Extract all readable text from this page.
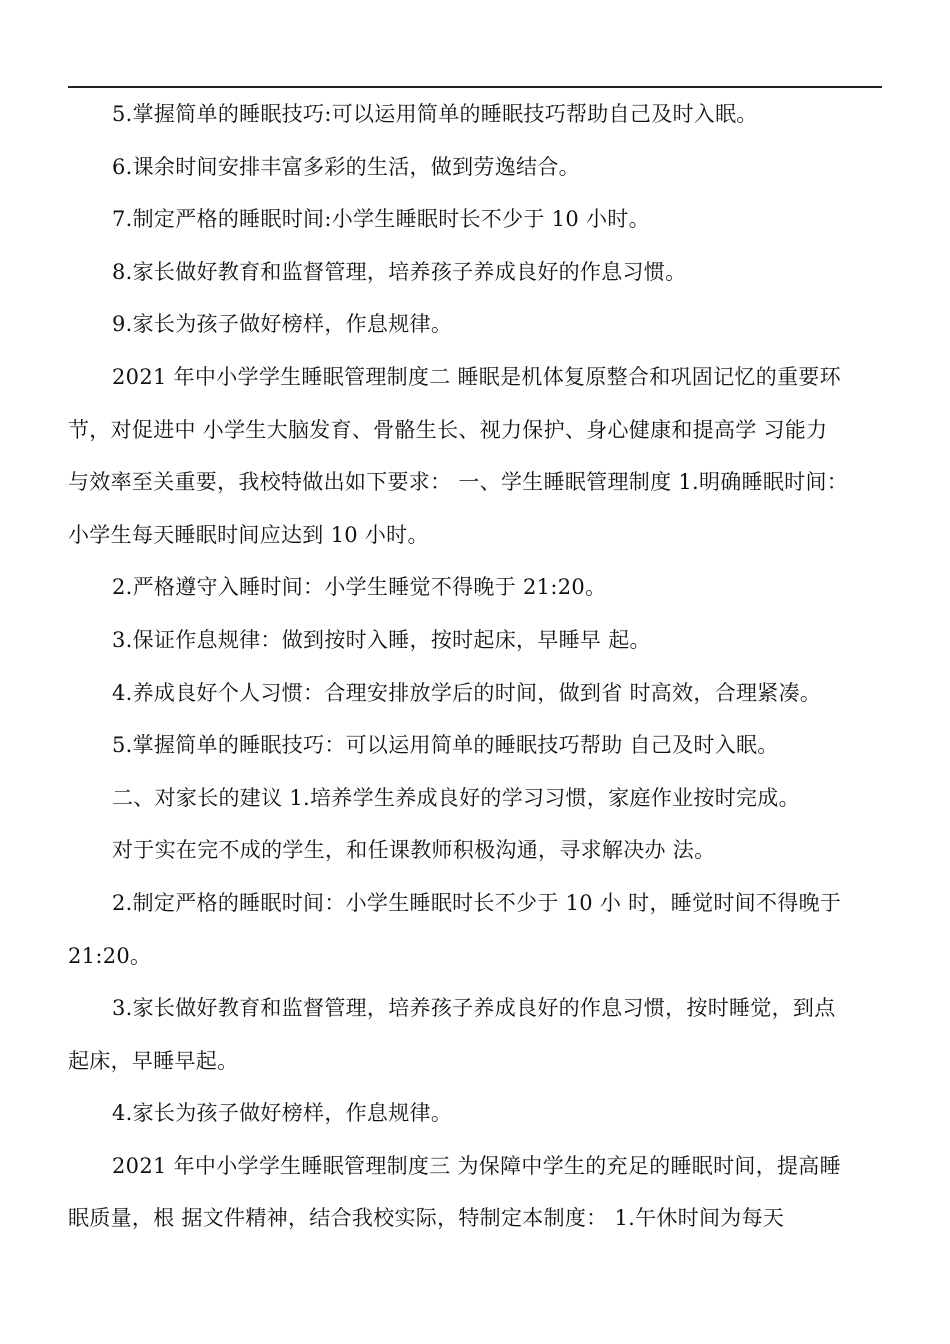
5.掌握简单的睡眠技巧:可以运用简单的睡眠技巧帮助自己及时入眠。
6.课余时间安排丰富多彩的生活，做到劳逸结合。
7.制定严格的睡眠时间:小学生睡眠时长不少于 10 小时。
8.家长做好教育和监督管理，培养孩子养成良好的作息习惯。
9.家长为孩子做好榜样，作息规律。
2021 年中小学学生睡眠管理制度二 睡眠是机体复原整合和巩固记忆的重要环
节，对促进中 小学生大脑发育、骨骼生长、视力保护、身心健康和提高学 习能力
与效率至关重要，我校特做出如下要求： 一、学生睡眠管理制度 1.明确睡眠时间：
小学生每天睡眠时间应达到 10 小时。
2.严格遵守入睡时间：小学生睡觉不得晚于 21:20。
3.保证作息规律：做到按时入睡，按时起床，早睡早 起。
4.养成良好个人习惯：合理安排放学后的时间，做到省 时高效，合理紧凑。
5.掌握简单的睡眠技巧：可以运用简单的睡眠技巧帮助 自己及时入眠。
二、对家长的建议 1.培养学生养成良好的学习习惯，家庭作业按时完成。
对于实在完不成的学生，和任课教师积极沟通，寻求解决办 法。
2.制定严格的睡眠时间：小学生睡眠时长不少于 10 小 时，睡觉时间不得晚于
21:20。
3.家长做好教育和监督管理，培养孩子养成良好的作息习惯，按时睡觉，到点
起床，早睡早起。
4.家长为孩子做好榜样，作息规律。
2021 年中小学学生睡眠管理制度三 为保障中学生的充足的睡眠时间，提高睡
眠质量，根 据文件精神，结合我校实际，特制定本制度： 1.午休时间为每天
